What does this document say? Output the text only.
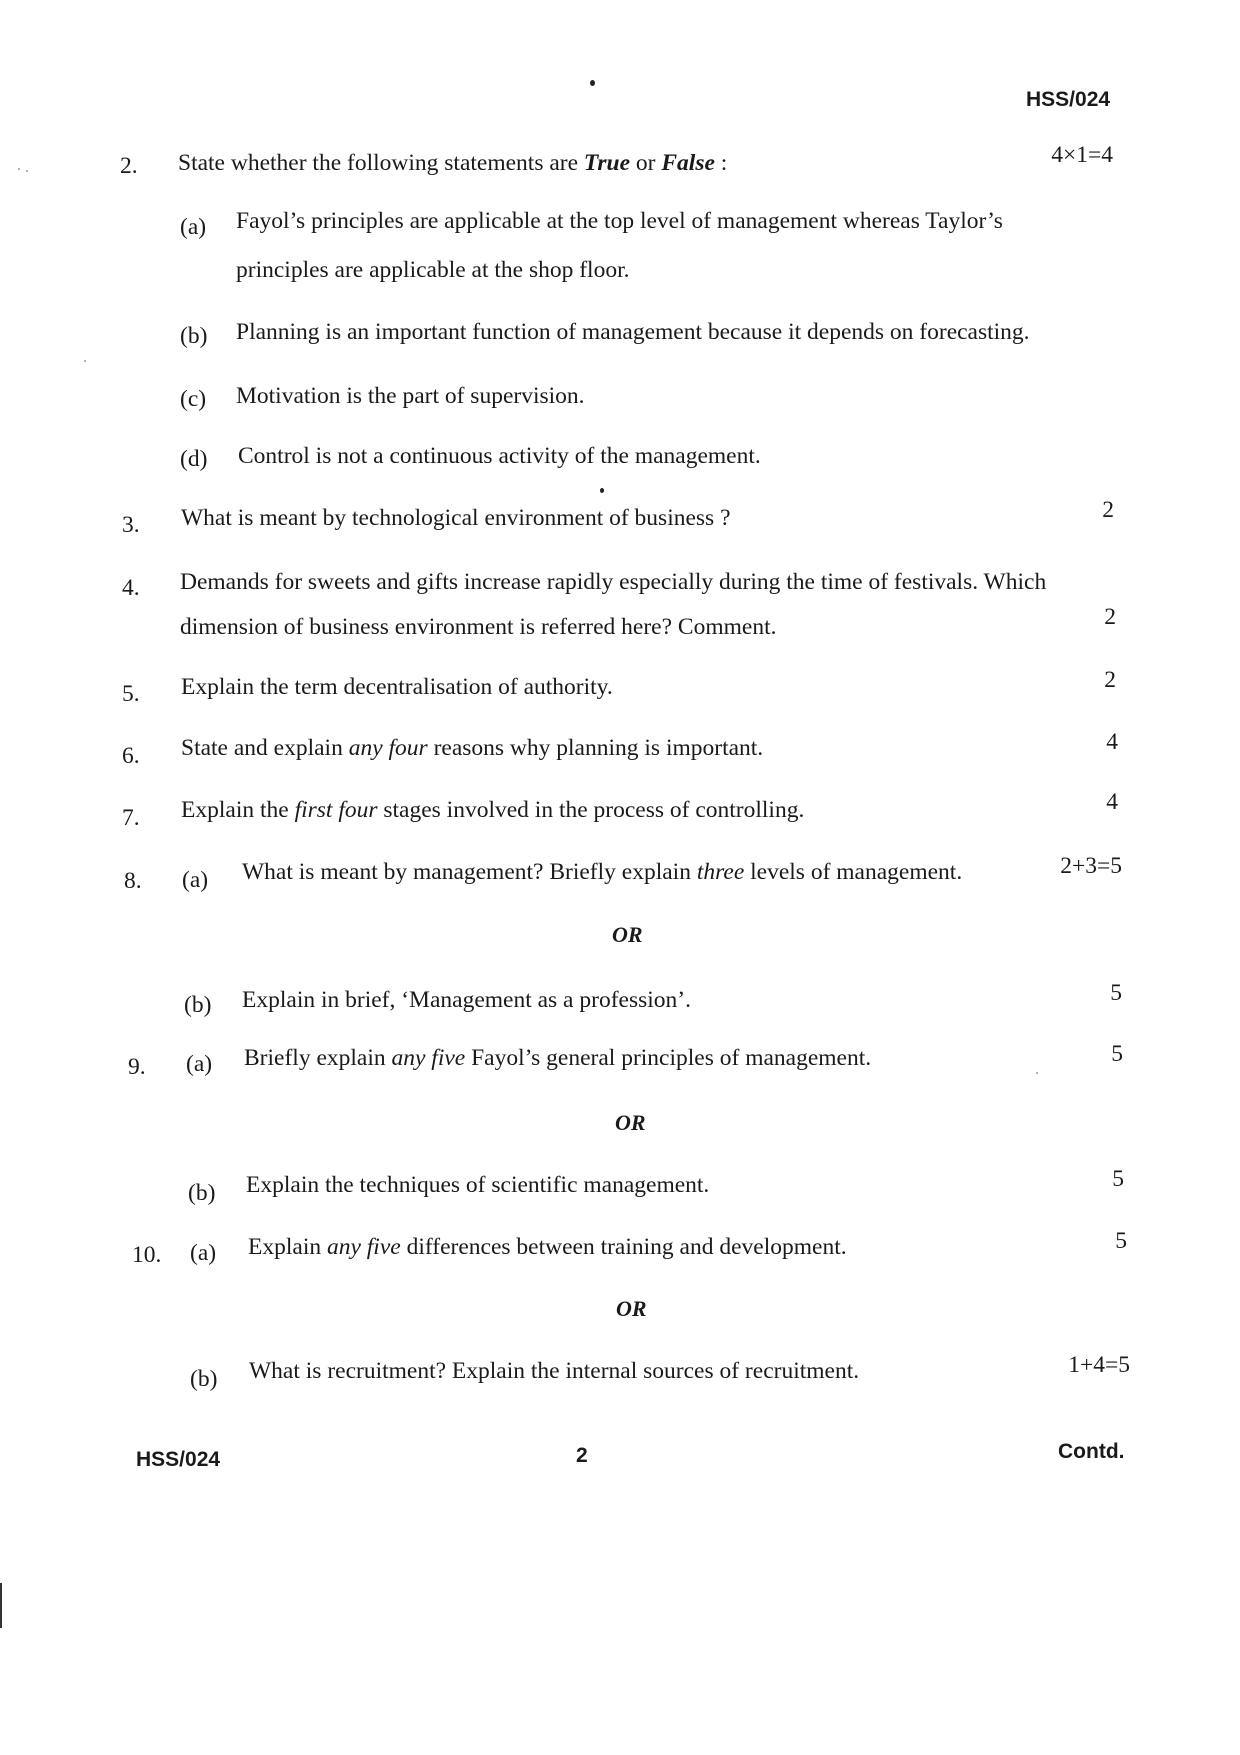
HSS/024
2. State whether the following statements are True or False :	4×1=4
(a) Fayol’s principles are applicable at the top level of management whereas Taylor’s
principles are applicable at the shop floor.
(b) Planning is an important function of management because it depends on forecasting.
(c) Motivation is the part of supervision.
(d) Control is not a continuous activity of the management.
3. What is meant by technological environment of business ?	2
4. Demands for sweets and gifts increase rapidly especially during the time of festivals. Which
dimension of business environment is referred here? Comment.	2
5. Explain the term decentralisation of authority.	2
6. State and explain any four reasons why planning is important.	4
7. Explain the first four stages involved in the process of controlling.	4
8. (a) What is meant by management? Briefly explain three levels of management.	2+3=5
OR
(b) Explain in brief, ‘Management as a profession’.	5
9. (a) Briefly explain any five Fayol’s general principles of management.	5
OR
(b) Explain the techniques of scientific management.	5
10. (a) Explain any five differences between training and development.	5
OR
(b) What is recruitment? Explain the internal sources of recruitment.	1+4=5
HSS/024	2	Contd.
